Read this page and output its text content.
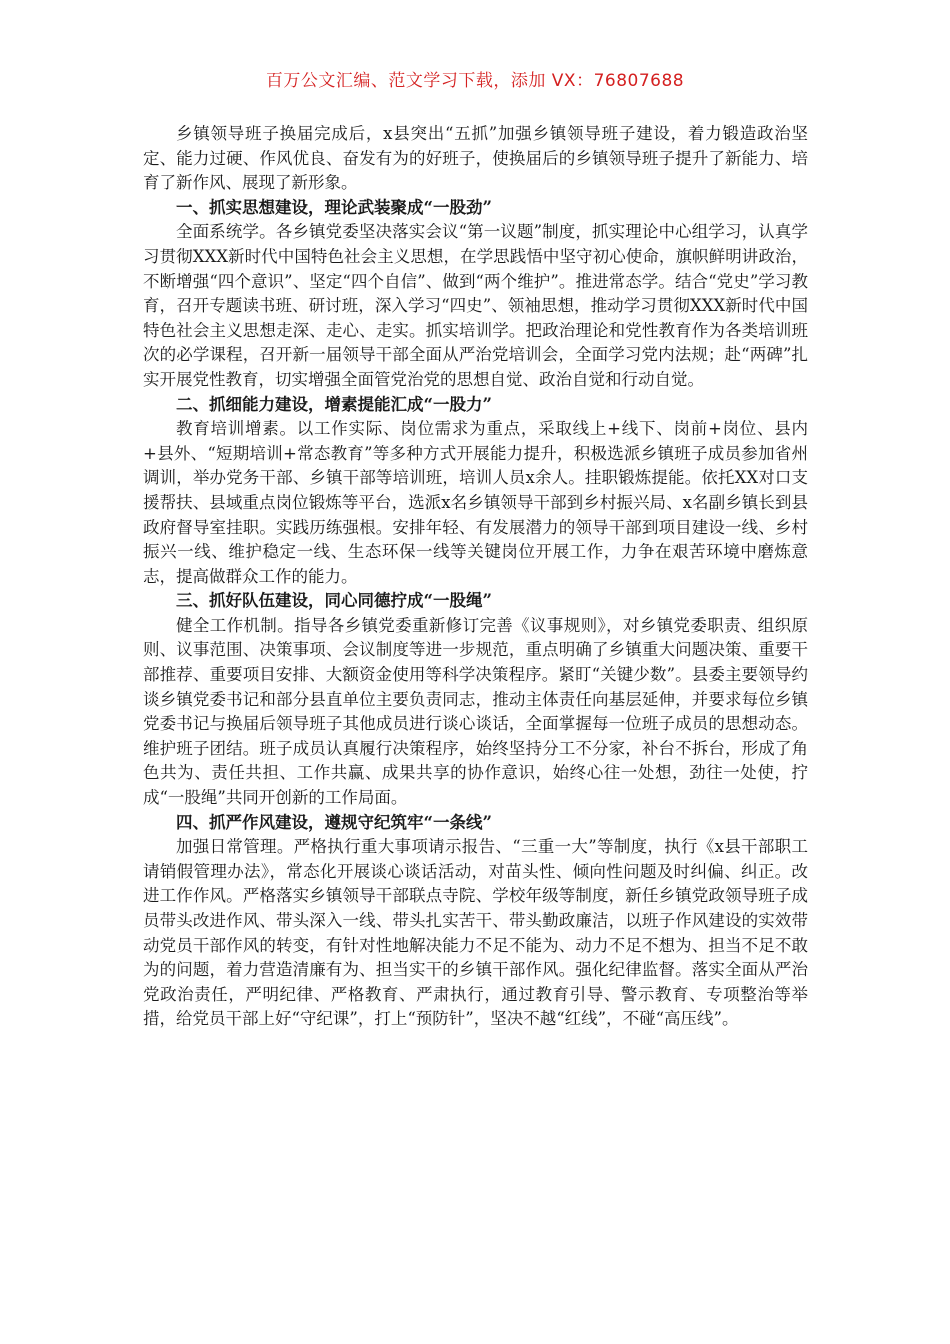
百万公文汇编、范文学习下载，添加 VX：76807688

乡镇领导班子换届完成后，x县突出“五抓”加强乡镇领导班子建设，着力锻造政治坚定、能力过硬、作风优良、奋发有为的好班子，使换届后的乡镇领导班子提升了新能力、培育了新作风、展现了新形象。

一、抓实思想建设，理论武装聚成“一股劲”

全面系统学。各乡镇党委坚决落实会议“第一议题”制度，抓实理论中心组学习，认真学习贯彻XXX新时代中国特色社会主义思想，在学思践悟中坚守初心使命，旗帜鲜明讲政治，不断增强“四个意识”、坚定“四个自信”、做到“两个维护”。推进常态学。结合“党史”学习教育，召开专题读书班、研讨班，深入学习“四史”、领袖思想，推动学习贯彻XXX新时代中国特色社会主义思想走深、走心、走实。抓实培训学。把政治理论和党性教育作为各类培训班次的必学课程，召开新一届领导干部全面从严治党培训会，全面学习党内法规；赴“两碑”扎实开展党性教育，切实增强全面管党治党的思想自觉、政治自觉和行动自觉。

二、抓细能力建设，增素提能汇成“一股力”

教育培训增素。以工作实际、岗位需求为重点，采取线上+线下、岗前+岗位、县内+县外、“短期培训+常态教育”等多种方式开展能力提升，积极选派乡镇班子成员参加省州调训，举办党务干部、乡镇干部等培训班，培训人员x余人。挂职锻炼提能。依托XX对口支援帮扶、县域重点岗位锻炼等平台，选派x名乡镇领导干部到乡村振兴局、x名副乡镇长到县政府督导室挂职。实践历练强根。安排年轻、有发展潜力的领导干部到项目建设一线、乡村振兴一线、维护稳定一线、生态环保一线等关键岗位开展工作，力争在艰苦环境中磨炼意志，提高做群众工作的能力。

三、抓好队伍建设，同心同德拧成“一股绳”

健全工作机制。指导各乡镇党委重新修订完善《议事规则》，对乡镇党委职责、组织原则、议事范围、决策事项、会议制度等进一步规范，重点明确了乡镇重大问题决策、重要干部推荐、重要项目安排、大额资金使用等科学决策程序。紧盯“关键少数”。县委主要领导约谈乡镇党委书记和部分县直单位主要负责同志，推动主体责任向基层延伸，并要求每位乡镇党委书记与换届后领导班子其他成员进行谈心谈话，全面掌握每一位班子成员的思想动态。维护班子团结。班子成员认真履行决策程序，始终坚持分工不分家，补台不拆台，形成了角色共为、责任共担、工作共赢、成果共享的协作意识，始终心往一处想，劲往一处使，拧成“一股绳”共同开创新的工作局面。

四、抓严作风建设，遵规守纪筑牢“一条线”

加强日常管理。严格执行重大事项请示报告、“三重一大”等制度，执行《x县干部职工请销假管理办法》，常态化开展谈心谈话活动，对苗头性、倾向性问题及时纠偏、纠正。改进工作作风。严格落实乡镇领导干部联点寺院、学校年级等制度，新任乡镇党政领导班子成员带头改进作风、带头深入一线、带头扎实苦干、带头勤政廉洁，以班子作风建设的实效带动党员干部作风的转变，有针对性地解决能力不足不能为、动力不足不想为、担当不足不敢为的问题，着力营造清廉有为、担当实干的乡镇干部作风。强化纪律监督。落实全面从严治党政治责任，严明纪律、严格教育、严肃执行，通过教育引导、警示教育、专项整治等举措，给党员干部上好“守纪课”，打上“预防针”，坚决不越“红线”，不碰“高压线”。
